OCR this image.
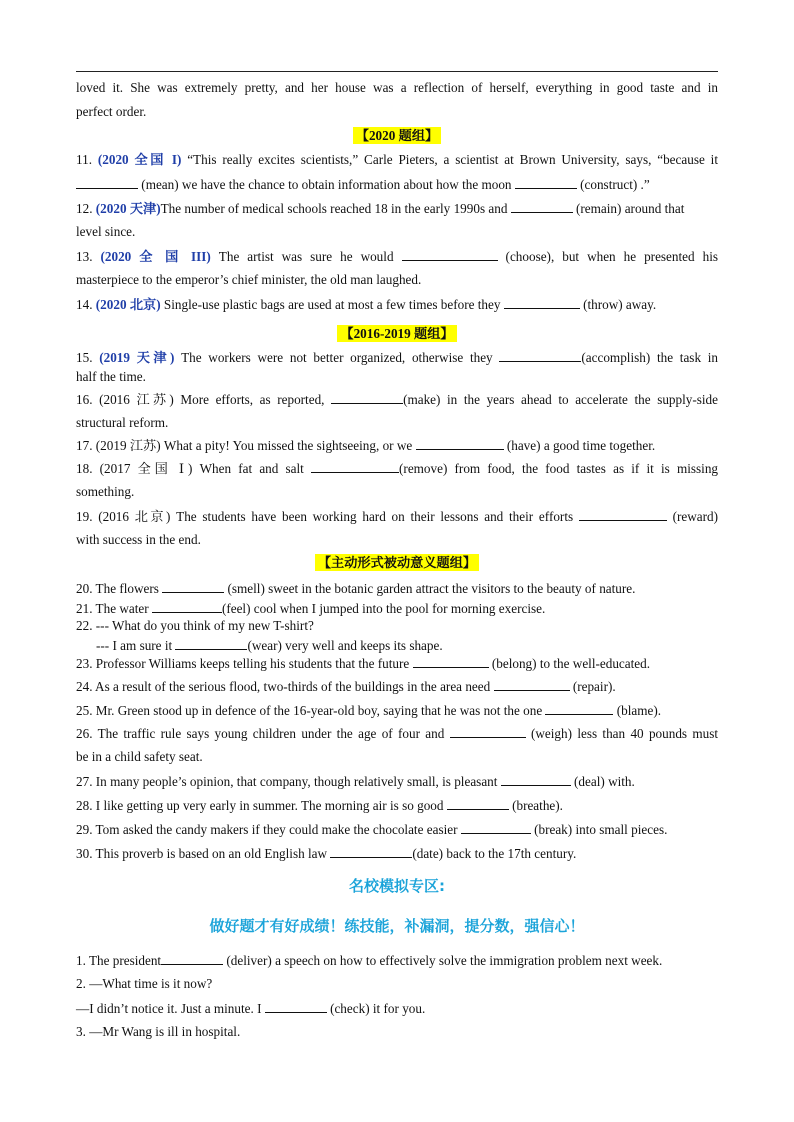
loved it. She was extremely pretty, and her house was a reflection of herself, everything in good taste and in
perfect order.
【2020 题组】
11. (2020 全国 I) “This really excites scientists,” Carle Pieters, a scientist at Brown University, says, “because it
(mean) we have the chance to obtain information about how the moon	(construct) .”
12. (2020 天津)The number of medical schools reached 18 in the early 1990s and	(remain) around that
level since.
13. (2020 全 国 III) The artist was sure he would	(choose), but when he presented his
masterpiece to the emperor’s chief minister, the old man laughed.
14. (2020 北京) Single-use plastic bags are used at most a few times before they	(throw) away.
【2016-2019 题组】
15. (2019 天津) The workers were not better organized, otherwise they	(accomplish) the task in
half the time.
16. (2016 江苏) More efforts, as reported,	(make) in the years ahead to accelerate the supply-side
structural reform.
17. (2019 江苏) What a pity! You missed the sightseeing, or we	(have) a good time together.
18. (2017 全国 Ⅰ) When fat and salt	(remove) from food, the food tastes as if it is missing
something.
19. (2016 北京) The students have been working hard on their lessons and their efforts	(reward)
with success in the end.
【主动形式被动意义题组】
20. The flowers	(smell) sweet in the botanic garden attract the visitors to the beauty of nature.
21. The water	(feel) cool when I jumped into the pool for morning exercise.
22. --- What do you think of my new T-shirt?
--- I am sure it	(wear) very well and keeps its shape.
23. Professor Williams keeps telling his students that the future	(belong) to the well-educated.
24. As a result of the serious flood, two-thirds of the buildings in the area need	(repair).
25. Mr. Green stood up in defence of the 16-year-old boy, saying that he was not the one	(blame).
26. The traffic rule says young children under the age of four and	(weigh) less than 40 pounds must
be in a child safety seat.
27. In many people’s opinion, that company, though relatively small, is pleasant	(deal) with.
28. I like getting up very early in summer. The morning air is so good	(breathe).
29. Tom asked the candy makers if they could make the chocolate easier	(break) into small pieces.
30. This proverb is based on an old English law	(date) back to the 17th century.
名校模拟专区:
做好题才有好成绩！练技能，补漏洞，提分数，强信心！
1. The president	(deliver) a speech on how to effectively solve the immigration problem next week.
2. —What time is it now?
—I didn’t notice it. Just a minute. I	(check) it for you.
3. —Mr Wang is ill in hospital.
